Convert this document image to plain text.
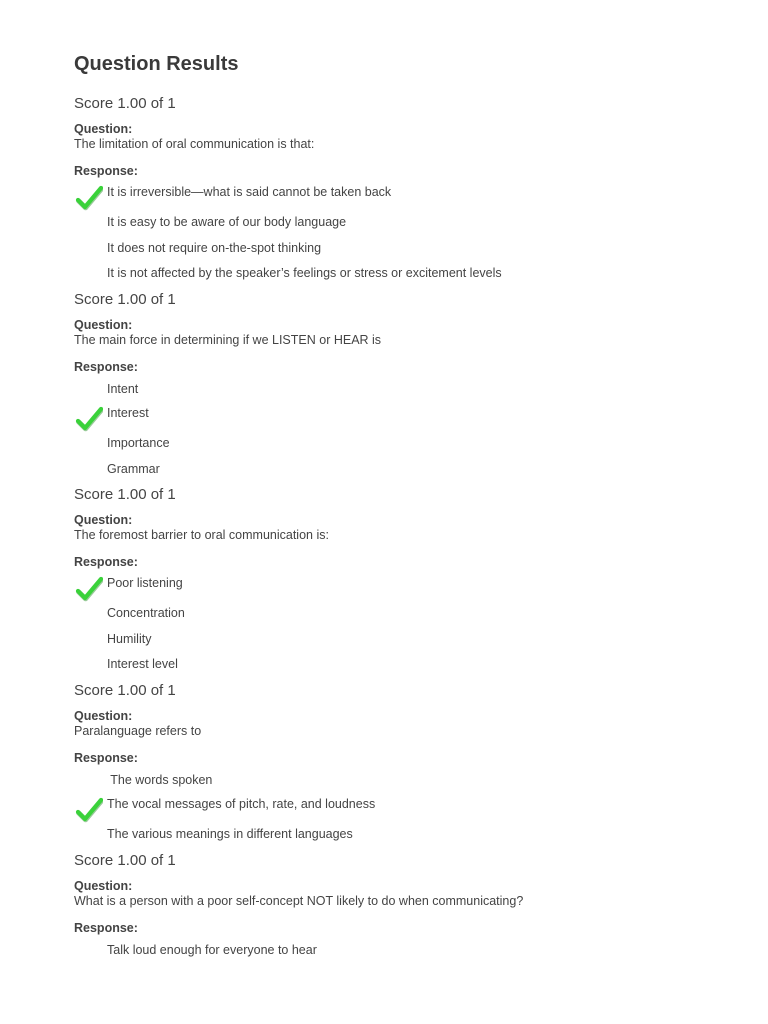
Question Results
Score 1.00 of 1
Question:
The limitation of oral communication is that:
Response:
It is irreversible—what is said cannot be taken back
It is easy to be aware of our body language
It does not require on-the-spot thinking
It is not affected by the speaker’s feelings or stress or excitement levels
Score 1.00 of 1
Question:
The main force in determining if we LISTEN or HEAR is
Response:
Intent
Interest
Importance
Grammar
Score 1.00 of 1
Question:
The foremost barrier to oral communication is:
Response:
Poor listening
Concentration
Humility
Interest level
Score 1.00 of 1
Question:
Paralanguage refers to
Response:
The words spoken
The vocal messages of pitch, rate, and loudness
The various meanings in different languages
Score 1.00 of 1
Question:
What is a person with a poor self-concept NOT likely to do when communicating?
Response:
Talk loud enough for everyone to hear
